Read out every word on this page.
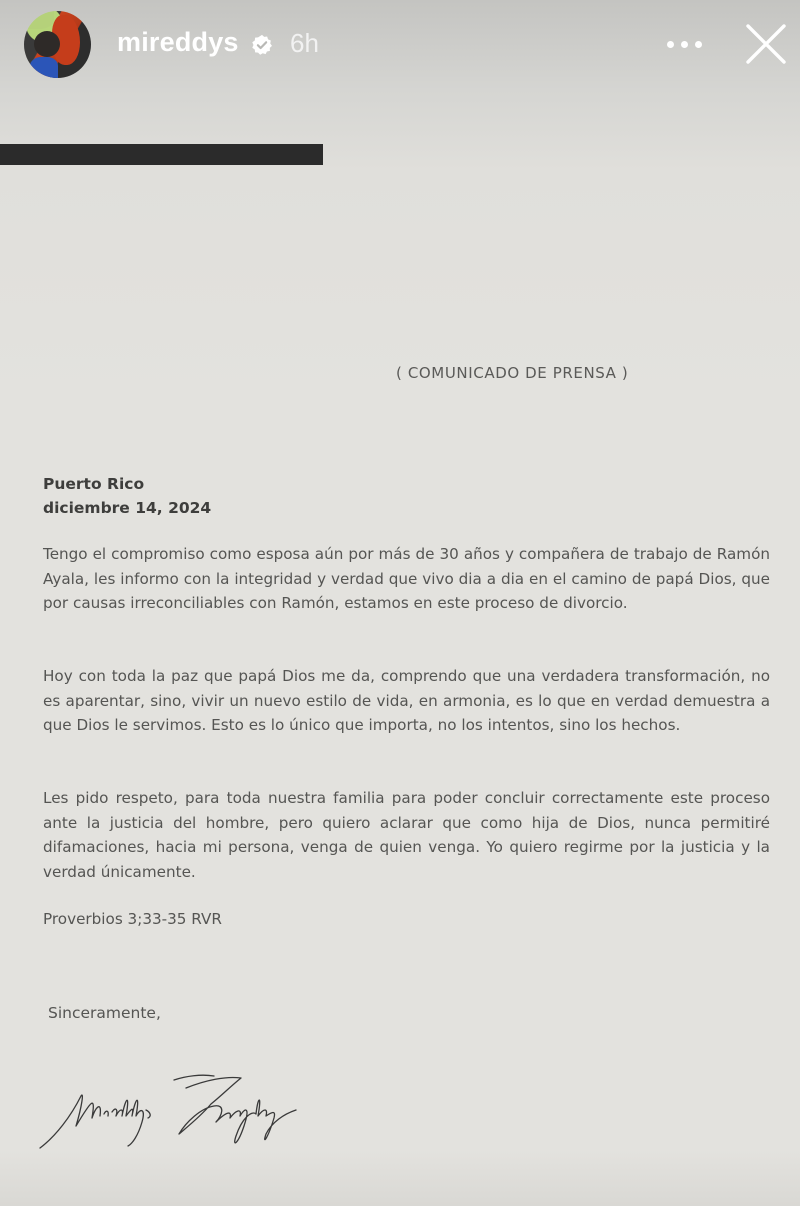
mireddys 6h
( COMUNICADO DE PRENSA )
Puerto Rico
diciembre 14, 2024

Tengo el compromiso como esposa aún por más de 30 años y compañera de trabajo de Ramón Ayala, les informo con la integridad y verdad que vivo dia a dia en el camino de papá Dios, que por causas irreconciliables con Ramón, estamos en este proceso de divorcio.

Hoy con toda la paz que papá Dios me da, comprendo que una verdadera transformación, no es aparentar, sino, vivir un nuevo estilo de vida, en armonia, es lo que en verdad demuestra a que Dios le servimos. Esto es lo único que importa, no los intentos, sino los hechos.

Les pido respeto, para toda nuestra familia para poder concluir correctamente este proceso ante la justicia del hombre, pero quiero aclarar que como hija de Dios, nunca permitiré difamaciones, hacia mi persona, venga de quien venga. Yo quiero regirme por la justicia y la verdad únicamente.

Proverbios 3;33-35 RVR
Sinceramente,
